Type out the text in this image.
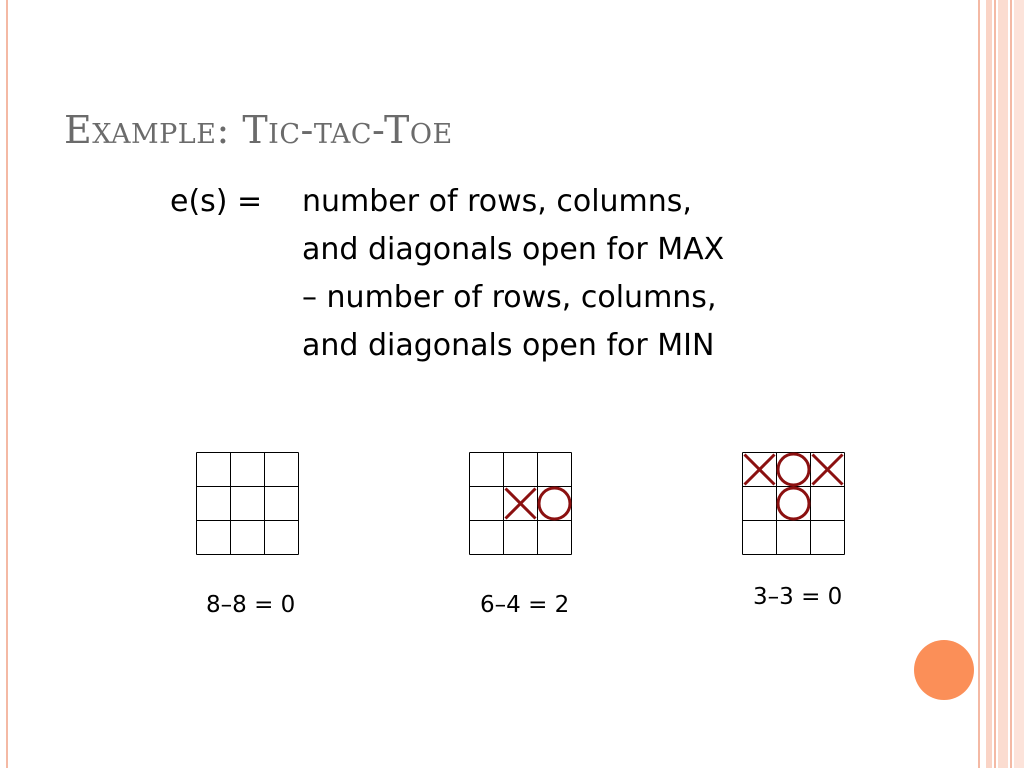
Example: Tic-tac-Toe
e(s) = number of rows, columns,
and diagonals open for MAX
– number of rows, columns,
and diagonals open for MIN
8–8 = 0	6–4 = 2	3–3 = 0
